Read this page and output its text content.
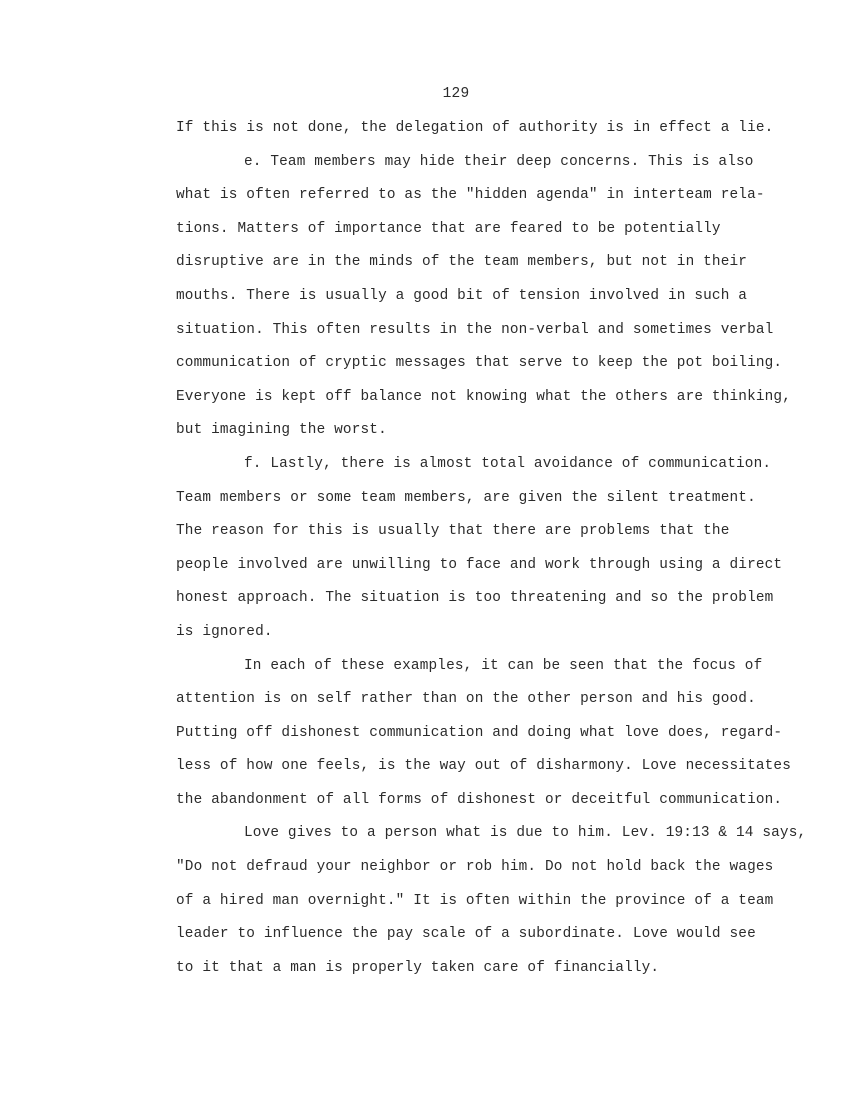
129
If this is not done, the delegation of authority is in effect a lie.
e. Team members may hide their deep concerns. This is also
what is often referred to as the "hidden agenda" in interteam rela-
tions. Matters of importance that are feared to be potentially
disruptive are in the minds of the team members, but not in their
mouths. There is usually a good bit of tension involved in such a
situation. This often results in the non-verbal and sometimes verbal
communication of cryptic messages that serve to keep the pot boiling.
Everyone is kept off balance not knowing what the others are thinking,
but imagining the worst.
f. Lastly, there is almost total avoidance of communication.
Team members or some team members, are given the silent treatment.
The reason for this is usually that there are problems that the
people involved are unwilling to face and work through using a direct
honest approach. The situation is too threatening and so the problem
is ignored.
In each of these examples, it can be seen that the focus of
attention is on self rather than on the other person and his good.
Putting off dishonest communication and doing what love does, regard-
less of how one feels, is the way out of disharmony. Love necessitates
the abandonment of all forms of dishonest or deceitful communication.
Love gives to a person what is due to him. Lev. 19:13 & 14 says,
"Do not defraud your neighbor or rob him. Do not hold back the wages
of a hired man overnight." It is often within the province of a team
leader to influence the pay scale of a subordinate. Love would see
to it that a man is properly taken care of financially.
